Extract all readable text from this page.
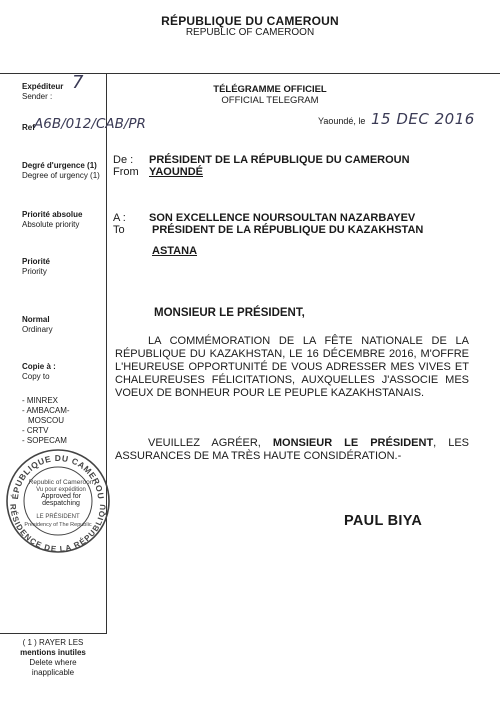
RÉPUBLIQUE DU CAMEROUN
REPUBLIC OF CAMEROON
Expéditeur
Sender :
7
Ref A6B/012/CAB/PR
Degré d'urgence (1)
Degree of urgency (1)
Priorité absolue
Absolute priority
Priorité
Priority
Normal
Ordinary
Copie à :
Copy to
- MINREX
- AMBACAM-
MOSCOU
- CRTV
- SOPECAM
ÉPUBLIQUE DU CAMEROU
RÉSIDENCE DE LA RÉPUBLIQU
Republic of Cameroon
Vu pour expédition
Approved for
despatching
LE PRÉSIDENT
Presidency of The Republic
( 1 ) RAYER LES
mentions inutiles
Delete where
inapplicable
TÉLÉGRAMME OFFICIEL
OFFICIAL TELEGRAM
Yaoundé, le 15 DEC 2016
De :
From
PRÉSIDENT DE LA RÉPUBLIQUE DU CAMEROUN
YAOUNDÉ
A :
To
SON EXCELLENCE NOURSOULTAN NAZARBAYEV
PRÉSIDENT DE LA RÉPUBLIQUE DU KAZAKHSTAN
ASTANA
MONSIEUR LE PRÉSIDENT,
LA COMMÉMORATION DE LA FÊTE NATIONALE DE LA RÉPUBLIQUE DU KAZAKHSTAN, LE 16 DÉCEMBRE 2016, M'OFFRE L'HEUREUSE OPPORTUNITÉ DE VOUS ADRESSER MES VIVES ET CHALEUREUSES FÉLICITATIONS, AUXQUELLES J'ASSOCIE MES VOEUX DE BONHEUR POUR LE PEUPLE KAZAKHSTANAIS.
VEUILLEZ AGRÉER, MONSIEUR LE PRÉSIDENT, LES ASSURANCES DE MA TRÈS HAUTE CONSIDÉRATION.-
PAUL BIYA
